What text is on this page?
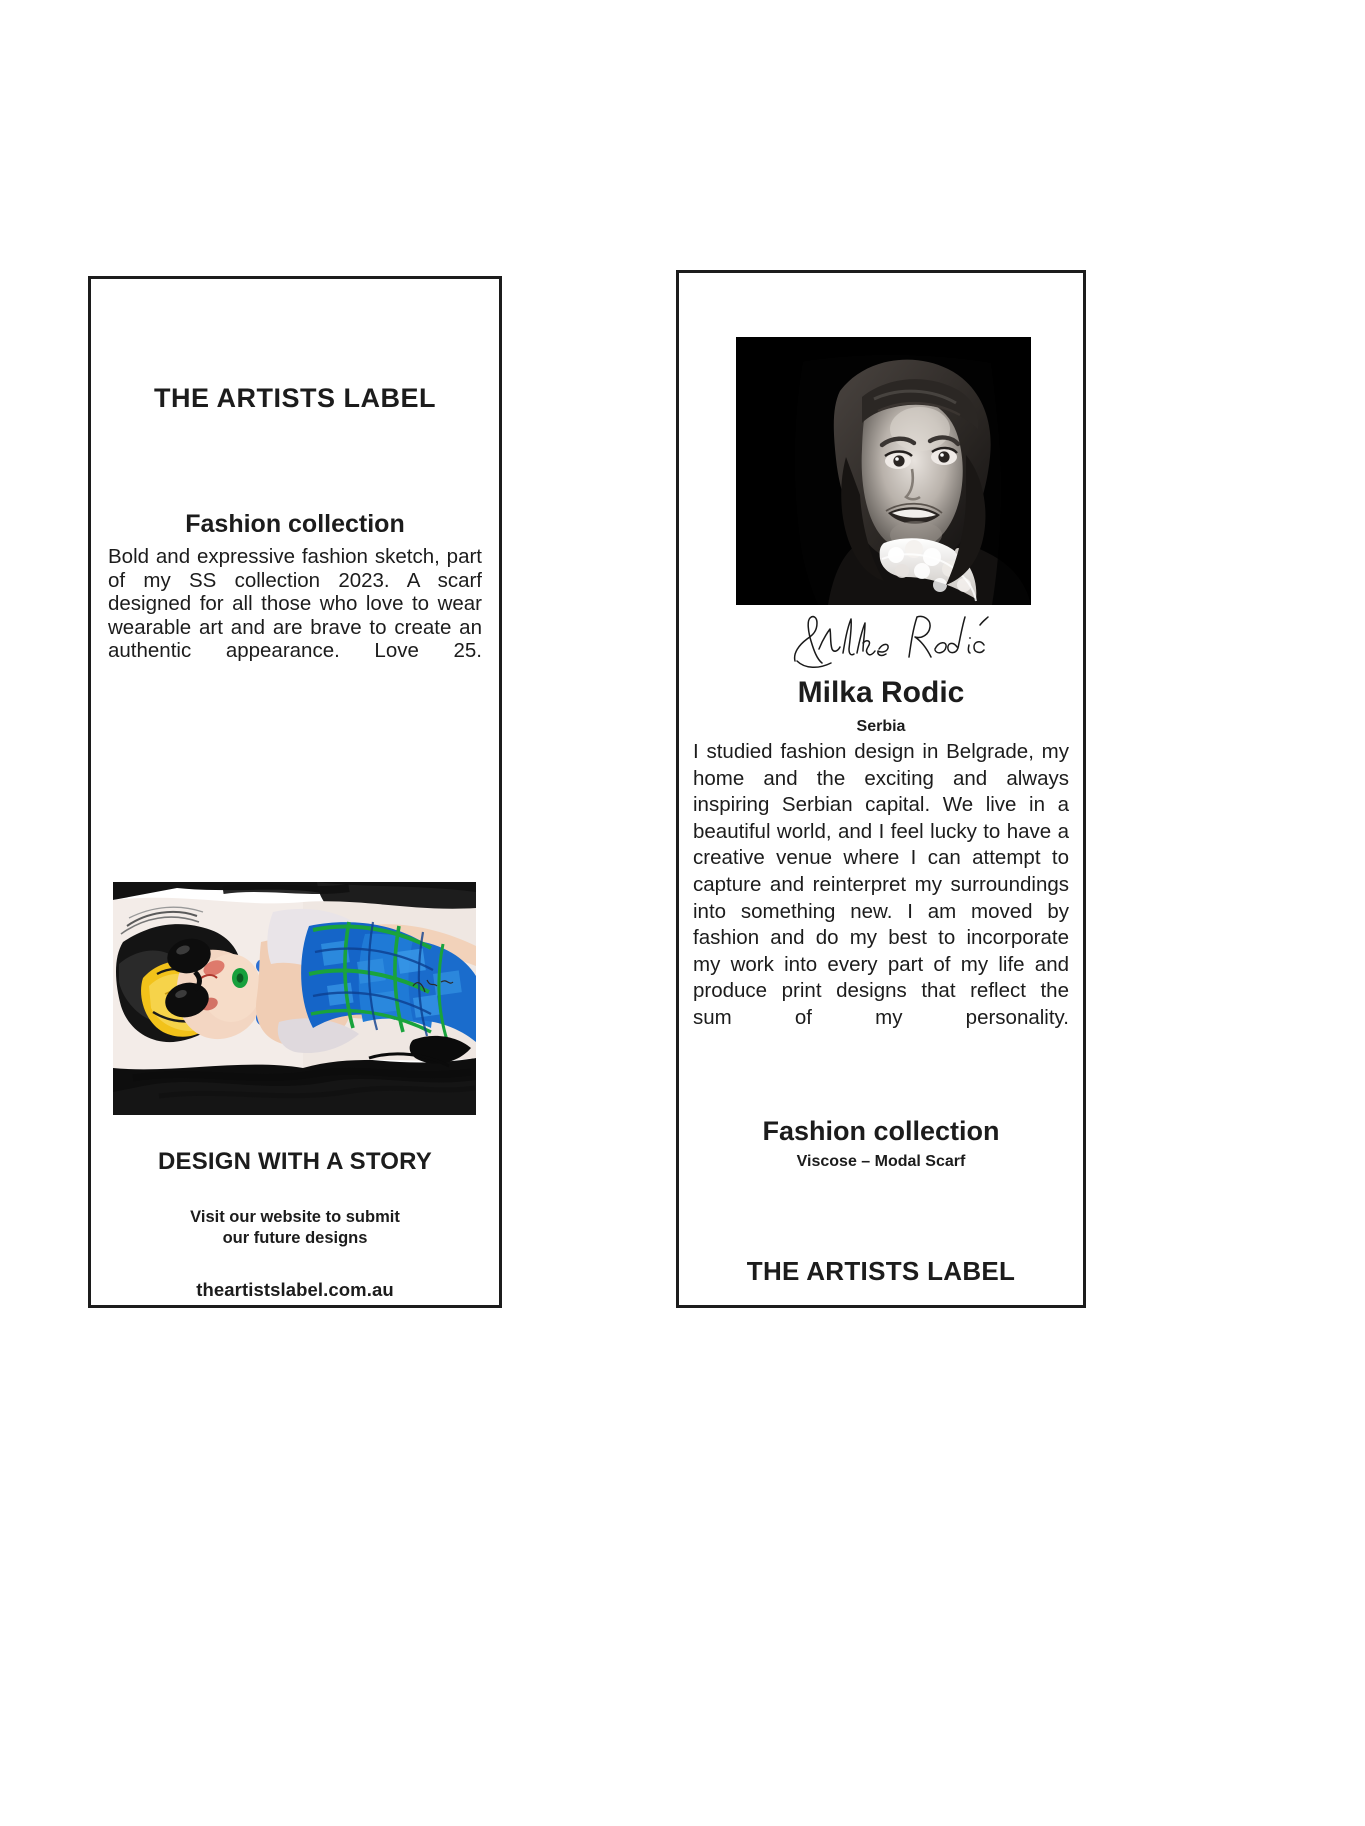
THE ARTISTS LABEL
Fashion collection
Bold and expressive fashion sketch, part of my SS collection 2023. A scarf designed for all those who love to wear wearable art and are brave to create an authentic appearance. Love 25.
DESIGN WITH A STORY
Visit our website to submit
our future designs
theartistslabel.com.au
Milka Rodic
Serbia
I studied fashion design in Belgrade, my home and the exciting and always inspiring Serbian capital. We live in a beautiful world, and I feel lucky to have a creative venue where I can attempt to capture and reinterpret my surroundings into something new. I am moved by fashion and do my best to incorporate my work into every part of my life and produce print designs that reflect the sum of my personality.
Fashion collection
Viscose – Modal Scarf
THE ARTISTS LABEL
